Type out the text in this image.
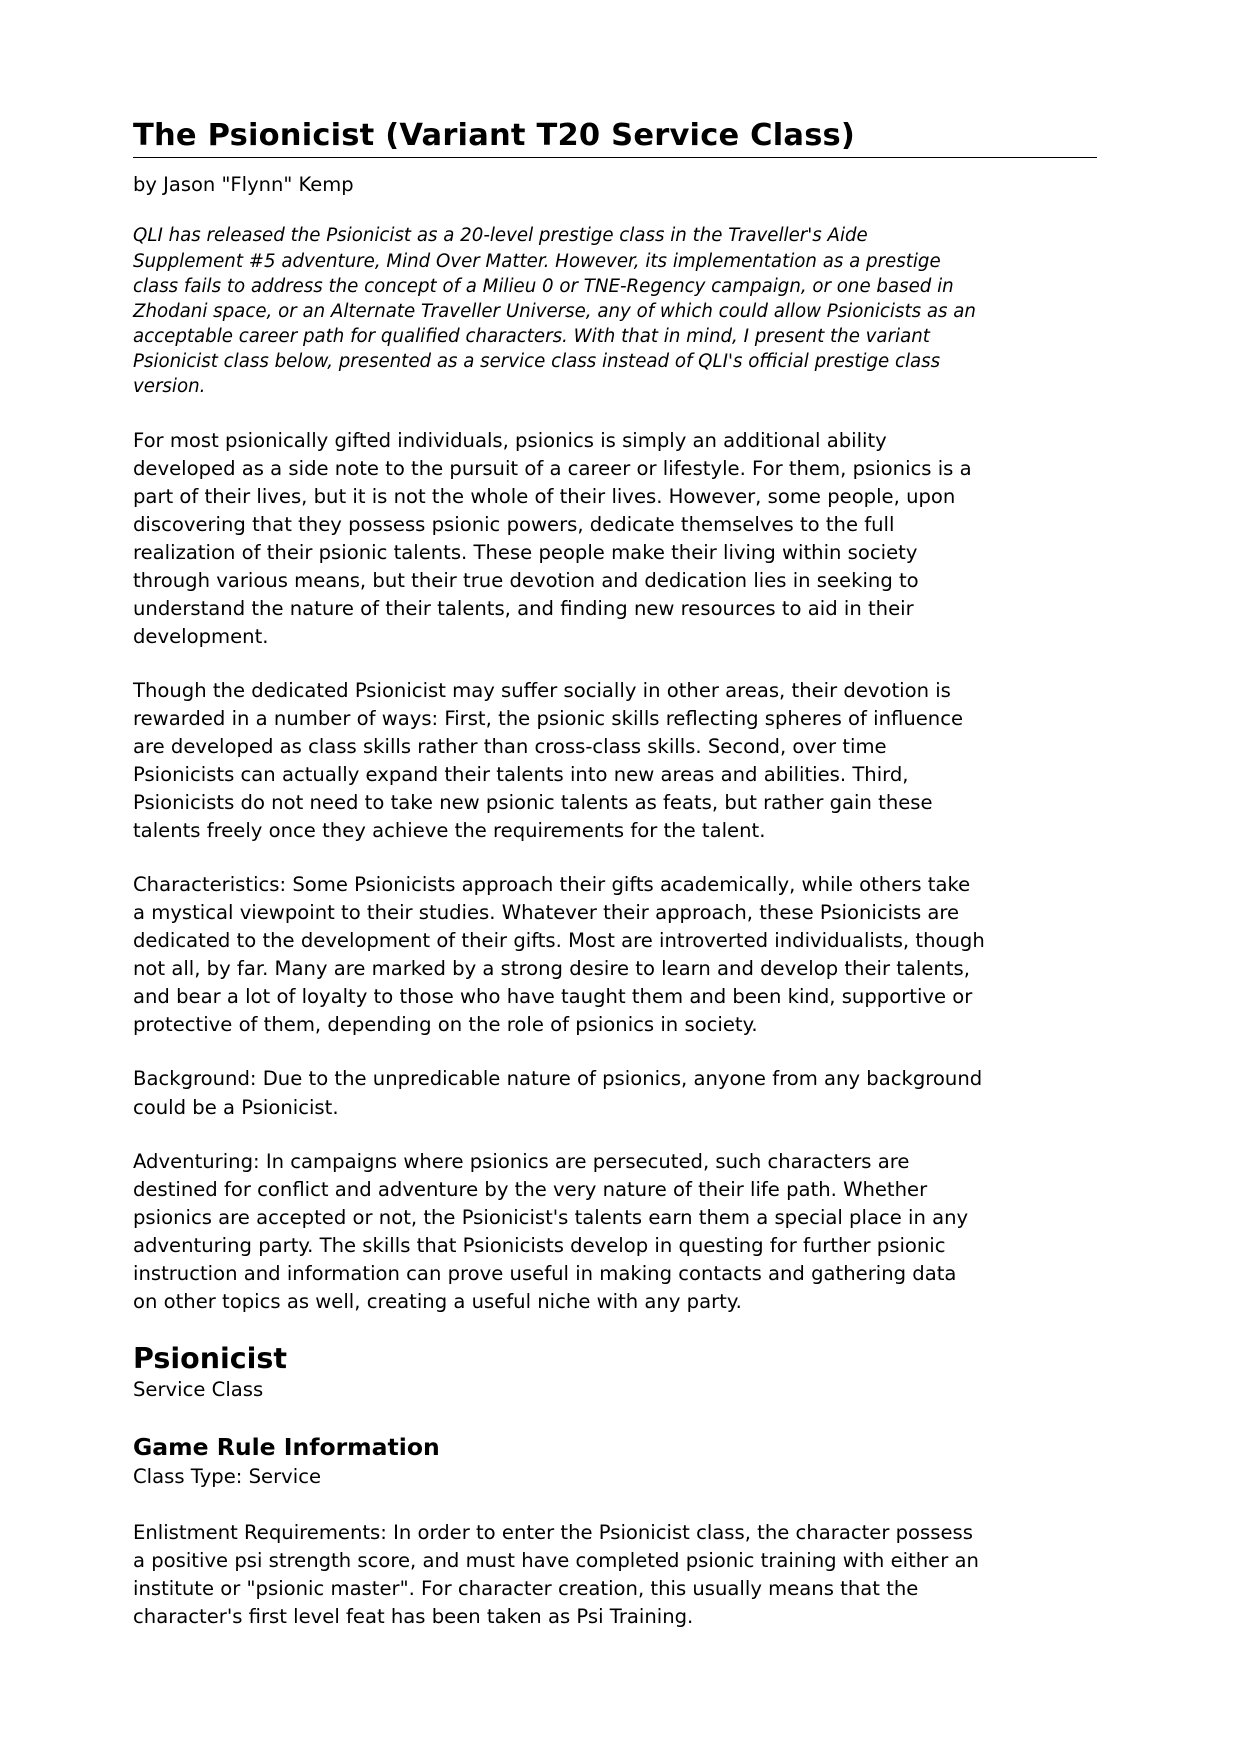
The Psionicist (Variant T20 Service Class)
by Jason "Flynn" Kemp
QLI has released the Psionicist as a 20-level prestige class in the Traveller's Aide Supplement #5 adventure, Mind Over Matter. However, its implementation as a prestige class fails to address the concept of a Milieu 0 or TNE-Regency campaign, or one based in Zhodani space, or an Alternate Traveller Universe, any of which could allow Psionicists as an acceptable career path for qualified characters. With that in mind, I present the variant Psionicist class below, presented as a service class instead of QLI's official prestige class version.

For most psionically gifted individuals, psionics is simply an additional ability developed as a side note to the pursuit of a career or lifestyle. For them, psionics is a part of their lives, but it is not the whole of their lives. However, some people, upon discovering that they possess psionic powers, dedicate themselves to the full realization of their psionic talents. These people make their living within society through various means, but their true devotion and dedication lies in seeking to understand the nature of their talents, and finding new resources to aid in their development.

Though the dedicated Psionicist may suffer socially in other areas, their devotion is rewarded in a number of ways: First, the psionic skills reflecting spheres of influence are developed as class skills rather than cross-class skills. Second, over time Psionicists can actually expand their talents into new areas and abilities. Third, Psionicists do not need to take new psionic talents as feats, but rather gain these talents freely once they achieve the requirements for the talent.

Characteristics: Some Psionicists approach their gifts academically, while others take a mystical viewpoint to their studies. Whatever their approach, these Psionicists are dedicated to the development of their gifts. Most are introverted individualists, though not all, by far. Many are marked by a strong desire to learn and develop their talents, and bear a lot of loyalty to those who have taught them and been kind, supportive or protective of them, depending on the role of psionics in society.

Background: Due to the unpredicable nature of psionics, anyone from any background could be a Psionicist.

Adventuring: In campaigns where psionics are persecuted, such characters are destined for conflict and adventure by the very nature of their life path. Whether psionics are accepted or not, the Psionicist's talents earn them a special place in any adventuring party. The skills that Psionicists develop in questing for further psionic instruction and information can prove useful in making contacts and gathering data on other topics as well, creating a useful niche with any party.

Psionicist
Service Class
Game Rule Information
Class Type: Service

Enlistment Requirements: In order to enter the Psionicist class, the character possess a positive psi strength score, and must have completed psionic training with either an institute or "psionic master". For character creation, this usually means that the character's first level feat has been taken as Psi Training.
